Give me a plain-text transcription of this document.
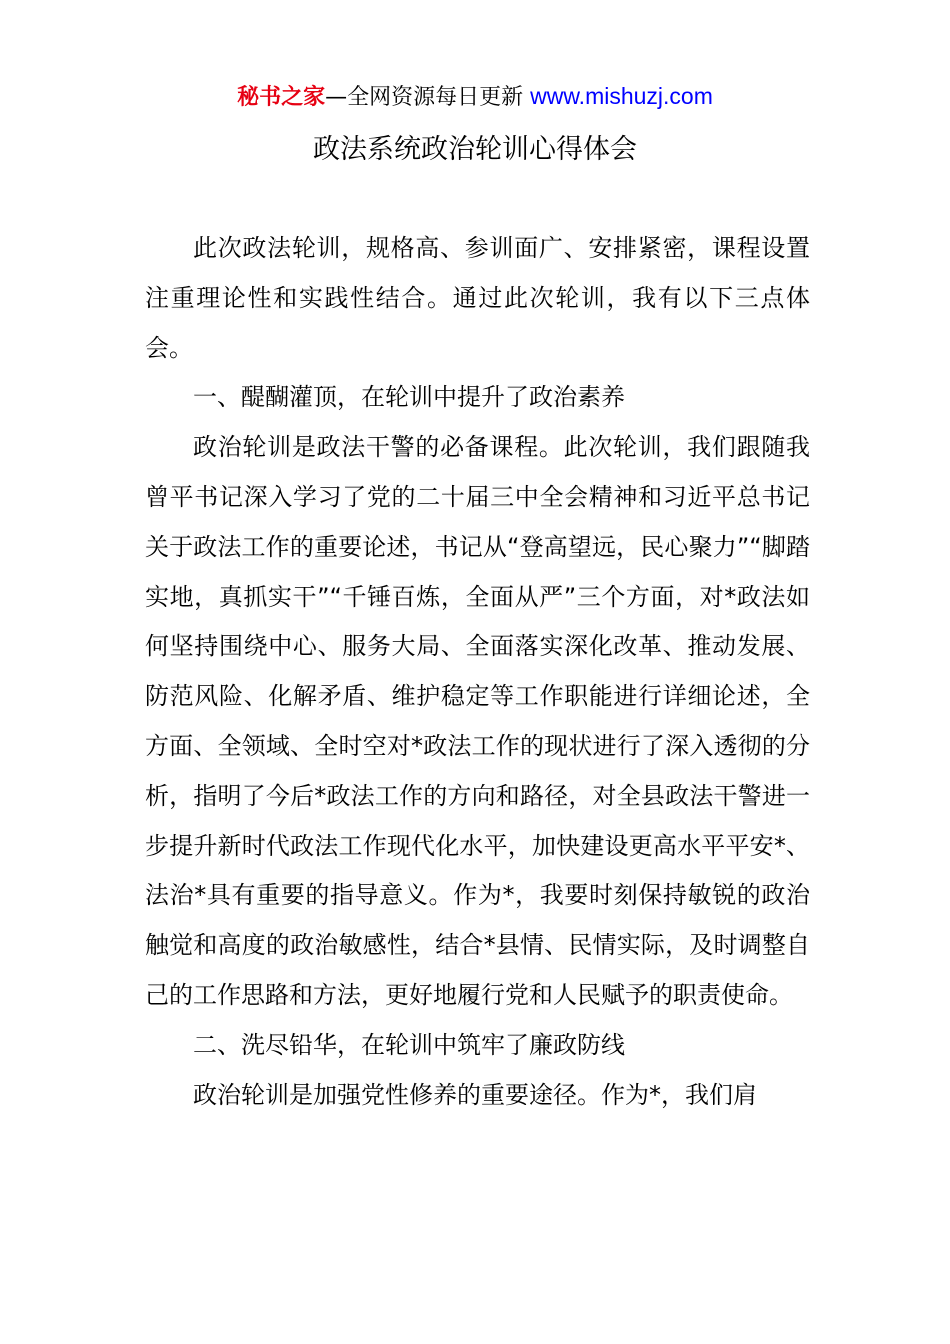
秘书之家—全网资源每日更新 www.mishuzj.com
政法系统政治轮训心得体会

此次政法轮训，规格高、参训面广、安排紧密，课程设置注重理论性和实践性结合。通过此次轮训，我有以下三点体会。

一、醍醐灌顶，在轮训中提升了政治素养

政治轮训是政法干警的必备课程。此次轮训，我们跟随我曾平书记深入学习了党的二十届三中全会精神和习近平总书记关于政法工作的重要论述，书记从“登高望远，民心聚力”“脚踏实地，真抓实干”“千锤百炼，全面从严”三个方面，对*政法如何坚持围绕中心、服务大局、全面落实深化改革、推动发展、防范风险、化解矛盾、维护稳定等工作职能进行详细论述，全方面、全领域、全时空对*政法工作的现状进行了深入透彻的分析，指明了今后*政法工作的方向和路径，对全县政法干警进一步提升新时代政法工作现代化水平，加快建设更高水平平安*、法治*具有重要的指导意义。作为*，我要时刻保持敏锐的政治触觉和高度的政治敏感性，结合*县情、民情实际，及时调整自己的工作思路和方法，更好地履行党和人民赋予的职责使命。

二、洗尽铅华，在轮训中筑牢了廉政防线

政治轮训是加强党性修养的重要途径。作为*，我们肩
